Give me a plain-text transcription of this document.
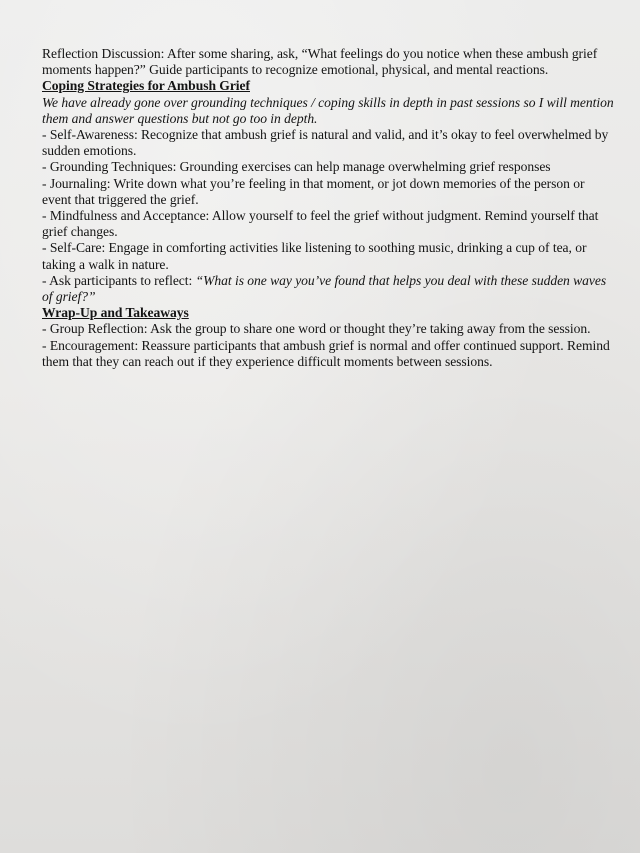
Reflection Discussion: After some sharing, ask, “What feelings do you notice when these ambush grief moments happen?” Guide participants to recognize emotional, physical, and mental reactions.

Coping Strategies for Ambush Grief

We have already gone over grounding techniques / coping skills in depth in past sessions so I will mention them and answer questions but not go too in depth.

- Self-Awareness: Recognize that ambush grief is natural and valid, and it’s okay to feel overwhelmed by sudden emotions.

- Grounding Techniques: Grounding exercises can help manage overwhelming grief responses

- Journaling: Write down what you’re feeling in that moment, or jot down memories of the person or event that triggered the grief.

- Mindfulness and Acceptance: Allow yourself to feel the grief without judgment. Remind yourself that grief changes.

- Self-Care: Engage in comforting activities like listening to soothing music, drinking a cup of tea, or taking a walk in nature.

- Ask participants to reflect: “What is one way you’ve found that helps you deal with these sudden waves of grief?”

Wrap-Up and Takeaways

- Group Reflection: Ask the group to share one word or thought they’re taking away from the session.

- Encouragement: Reassure participants that ambush grief is normal and offer continued support. Remind them that they can reach out if they experience difficult moments between sessions.
